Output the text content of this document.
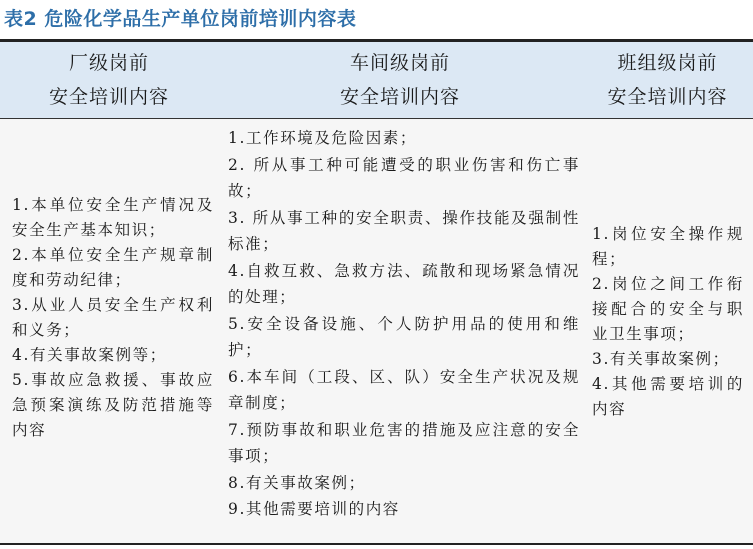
表2 危险化学品生产单位岗前培训内容表
厂级岗前
安全培训内容
车间级岗前
安全培训内容
班组级岗前
安全培训内容

1.本单位安全生产情况及安全生产基本知识；

2.本单位安全生产规章制度和劳动纪律；

3.从业人员安全生产权利和义务；

4.有关事故案例等；

5.事故应急救援、事故应急预案演练及防范措施等内容

1.工作环境及危险因素；

2. 所从事工种可能遭受的职业伤害和伤亡事故；

3. 所从事工种的安全职责、操作技能及强制性标准；

4.自救互救、急救方法、疏散和现场紧急情况的处理；

5.安全设备设施、个人防护用品的使用和维护；

6.本车间（工段、区、队）安全生产状况及规章制度；

7.预防事故和职业危害的措施及应注意的安全事项；

8.有关事故案例；

9.其他需要培训的内容

1.岗位安全操作规程；

2.岗位之间工作衔接配合的安全与职业卫生事项；

3.有关事故案例；

4.其他需要培训的内容
